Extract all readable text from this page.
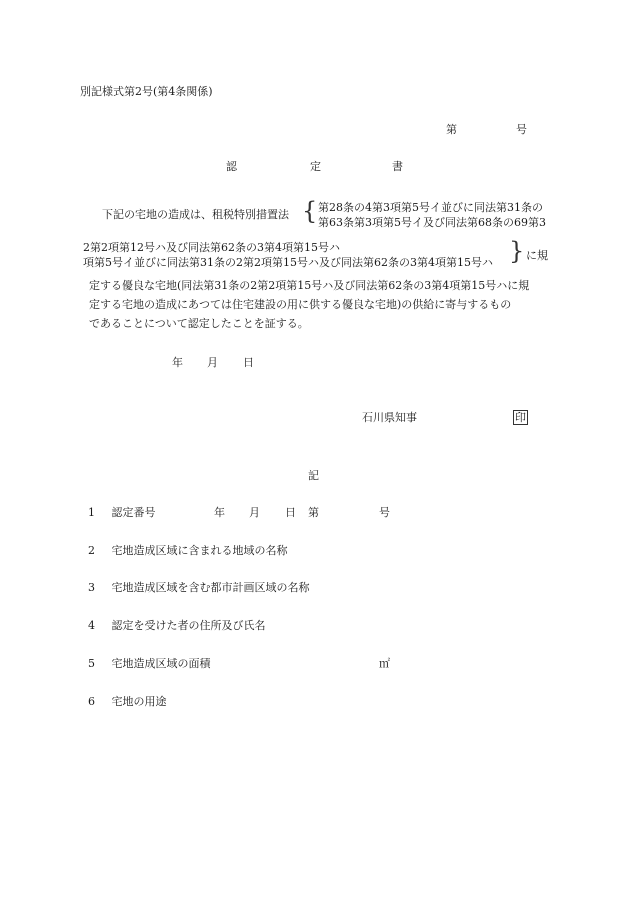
別記様式第2号(第4条関係)
第	号
認	定	書
下記の宅地の造成は、租税特別措置法 { 第28条の4第3項第5号イ並びに同法第31条の
第63条第3項第5号イ及び同法第68条の69第3
2第2項第12号ハ及び同法第62条の3第4項第15号ハ
項第5号イ並びに同法第31条の2第2項第15号ハ及び同法第62条の3第4項第15号ハ } に規
定する優良な宅地(同法第31条の2第2項第15号ハ及び同法第62条の3第4項第15号ハに規
定する宅地の造成にあつては住宅建設の用に供する優良な宅地)の供給に寄与するもの
であることについて認定したことを証する。
年 月 日
石川県知事	印
記
1 認定番号	年 月 日 第	号
2 宅地造成区域に含まれる地域の名称
3 宅地造成区域を含む都市計画区域の名称
4 認定を受けた者の住所及び氏名
5 宅地造成区域の面積	㎡
6 宅地の用途
